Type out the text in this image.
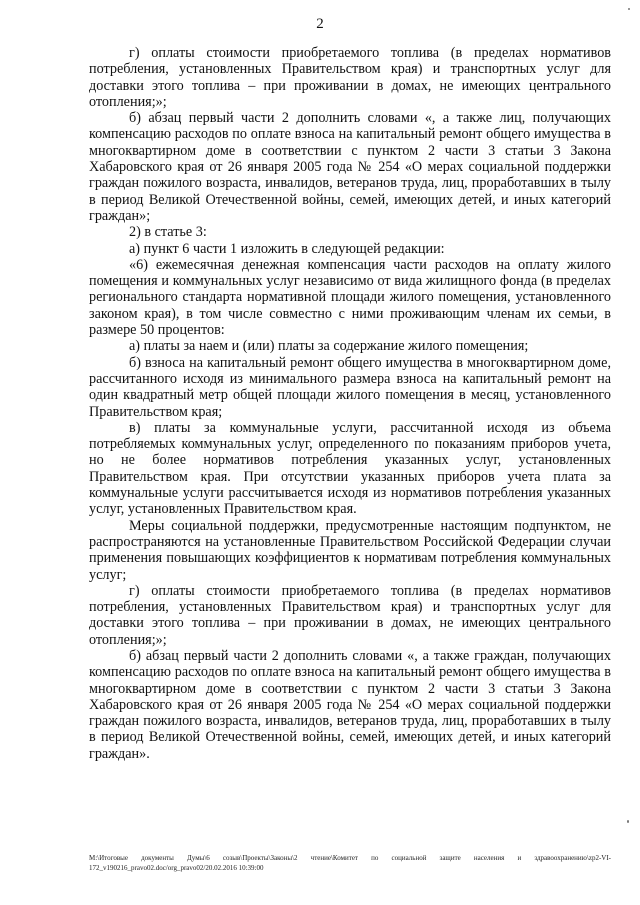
2

г) оплаты стоимости приобретаемого топлива (в пределах нормативов потребления, установленных Правительством края) и транспортных услуг для доставки этого топлива – при проживании в домах, не имеющих центрального отопления;»;

б) абзац первый части 2 дополнить словами «, а также лиц, получающих компенсацию расходов по оплате взноса на капитальный ремонт общего имущества в многоквартирном доме в соответствии с пунктом 2 части 3 статьи 3 Закона Хабаровского края от 26 января 2005 года № 254 «О мерах социальной поддержки граждан пожилого возраста, инвалидов, ветеранов труда, лиц, проработавших в тылу в период Великой Отечественной войны, семей, имеющих детей, и иных категорий граждан»;

2) в статье 3:

а) пункт 6 части 1 изложить в следующей редакции:

«6) ежемесячная денежная компенсация части расходов на оплату жилого помещения и коммунальных услуг независимо от вида жилищного фонда (в пределах регионального стандарта нормативной площади жилого помещения, установленного законом края), в том числе совместно с ними проживающим членам их семьи, в размере 50 процентов:

а) платы за наем и (или) платы за содержание жилого помещения;

б) взноса на капитальный ремонт общего имущества в многоквартирном доме, рассчитанного исходя из минимального размера взноса на капитальный ремонт на один квадратный метр общей площади жилого помещения в месяц, установленного Правительством края;

в) платы за коммунальные услуги, рассчитанной исходя из объема потребляемых коммунальных услуг, определенного по показаниям приборов учета, но не более нормативов потребления указанных услуг, установленных Правительством края. При отсутствии указанных приборов учета плата за коммунальные услуги рассчитывается исходя из нормативов потребления указанных услуг, установленных Правительством края.

Меры социальной поддержки, предусмотренные настоящим подпунктом, не распространяются на установленные Правительством Российской Федерации случаи применения повышающих коэффициентов к нормативам потребления коммунальных услуг;

г) оплаты стоимости приобретаемого топлива (в пределах нормативов потребления, установленных Правительством края) и транспортных услуг для доставки этого топлива – при проживании в домах, не имеющих центрального отопления;»;

б) абзац первый части 2 дополнить словами «, а также граждан, получающих компенсацию расходов по оплате взноса на капитальный ремонт общего имущества в многоквартирном доме в соответствии с пунктом 2 части 3 статьи 3 Закона Хабаровского края от 26 января 2005 года № 254 «О мерах социальной поддержки граждан пожилого возраста, инвалидов, ветеранов труда, лиц, проработавших в тылу в период Великой Отечественной войны, семей, имеющих детей, и иных категорий граждан».

M:\Итоговые документы Думы\6 созыв\Проекты\Законы\2 чтение\Комитет по социальной защите населения и здравоохранению\zp2-VI-172_v190216_pravo02.doc/org_pravo02/20.02.2016 10:39:00
